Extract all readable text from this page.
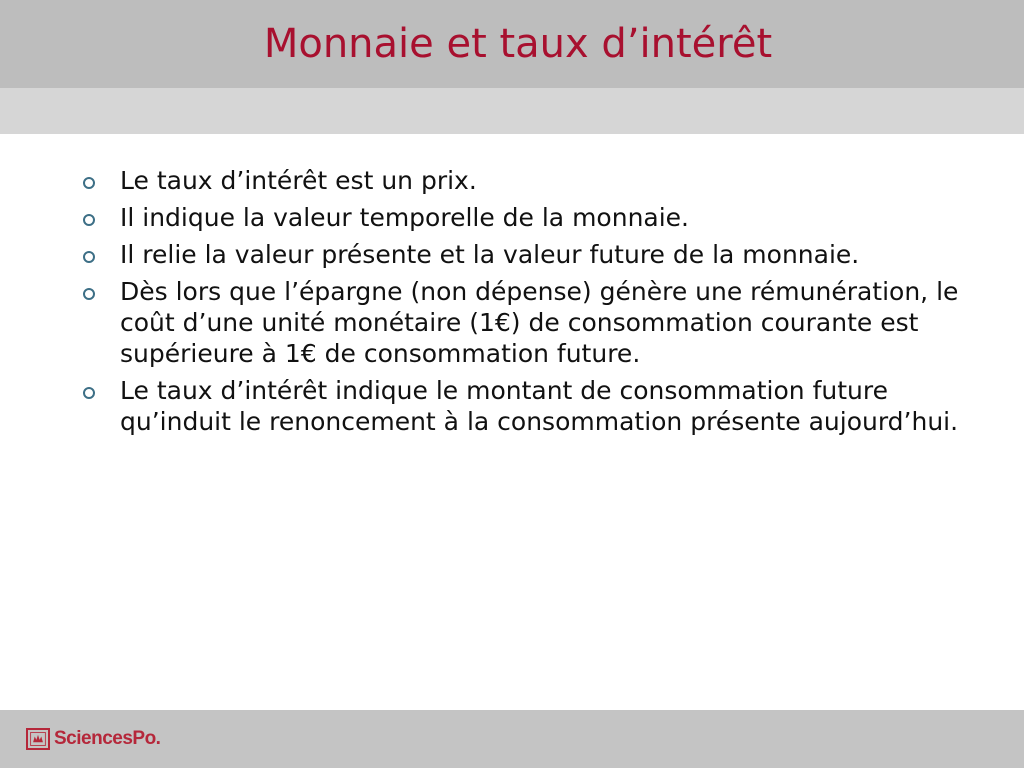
Monnaie et taux d’intérêt
Le taux d’intérêt est un prix.
Il indique la valeur temporelle de la monnaie.
Il relie la valeur présente et la valeur future de la monnaie.
Dès lors que l’épargne (non dépense) génère une rémunération, le coût d’une unité monétaire (1€) de consommation courante est supérieure à 1€ de consommation future.
Le taux d’intérêt indique le montant de consommation future qu’induit le renoncement à la consommation présente aujourd’hui.
SciencesPo.
